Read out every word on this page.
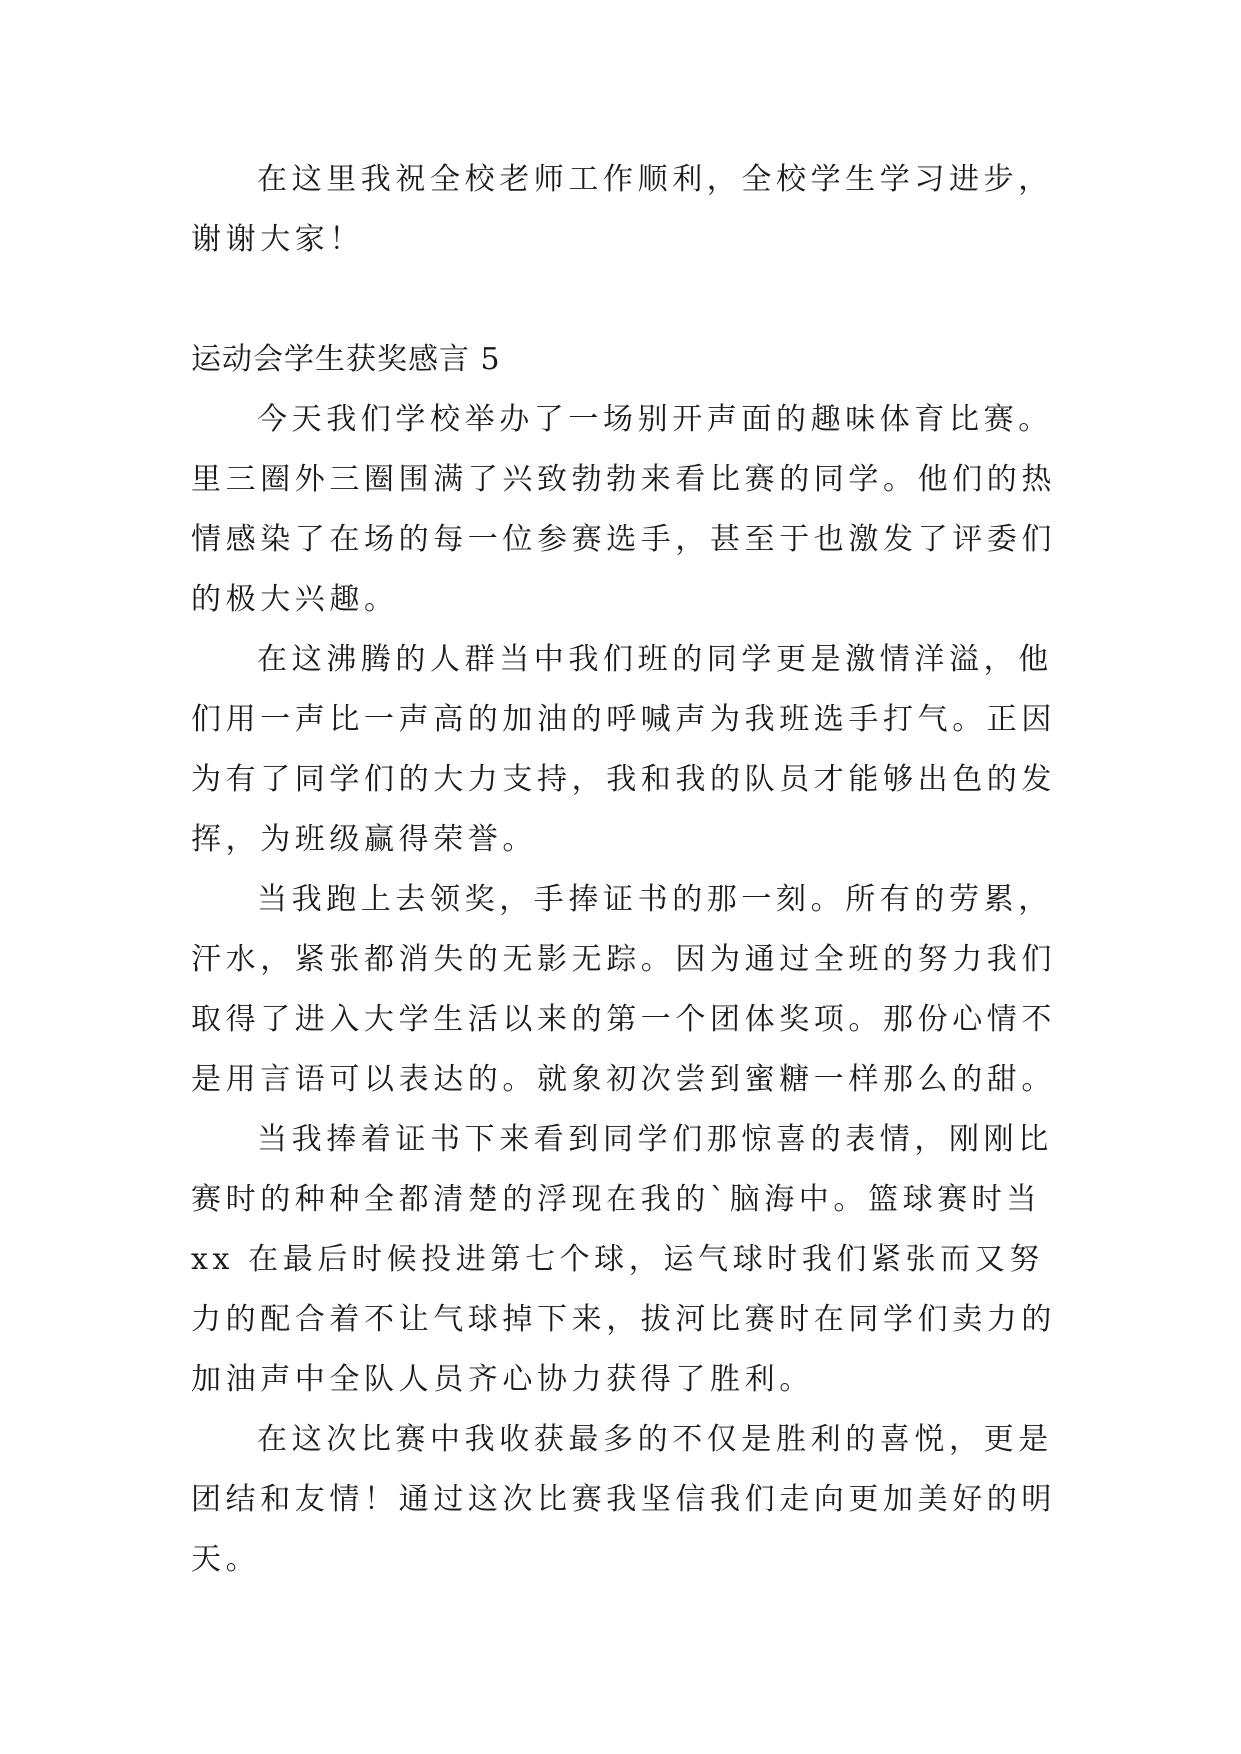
在这里我祝全校老师工作顺利，全校学生学习进步，谢谢大家！

运动会学生获奖感言 5

今天我们学校举办了一场别开声面的趣味体育比赛。里三圈外三圈围满了兴致勃勃来看比赛的同学。他们的热情感染了在场的每一位参赛选手，甚至于也激发了评委们的极大兴趣。

在这沸腾的人群当中我们班的同学更是激情洋溢，他们用一声比一声高的加油的呼喊声为我班选手打气。正因为有了同学们的大力支持，我和我的队员才能够出色的发挥，为班级赢得荣誉。

当我跑上去领奖，手捧证书的那一刻。所有的劳累，汗水，紧张都消失的无影无踪。因为通过全班的努力我们取得了进入大学生活以来的第一个团体奖项。那份心情不是用言语可以表达的。就象初次尝到蜜糖一样那么的甜。

当我捧着证书下来看到同学们那惊喜的表情，刚刚比赛时的种种全都清楚的浮现在我的`脑海中。篮球赛时当 xx 在最后时候投进第七个球，运气球时我们紧张而又努力的配合着不让气球掉下来，拔河比赛时在同学们卖力的加油声中全队人员齐心协力获得了胜利。

在这次比赛中我收获最多的不仅是胜利的喜悦，更是团结和友情！通过这次比赛我坚信我们走向更加美好的明天。
